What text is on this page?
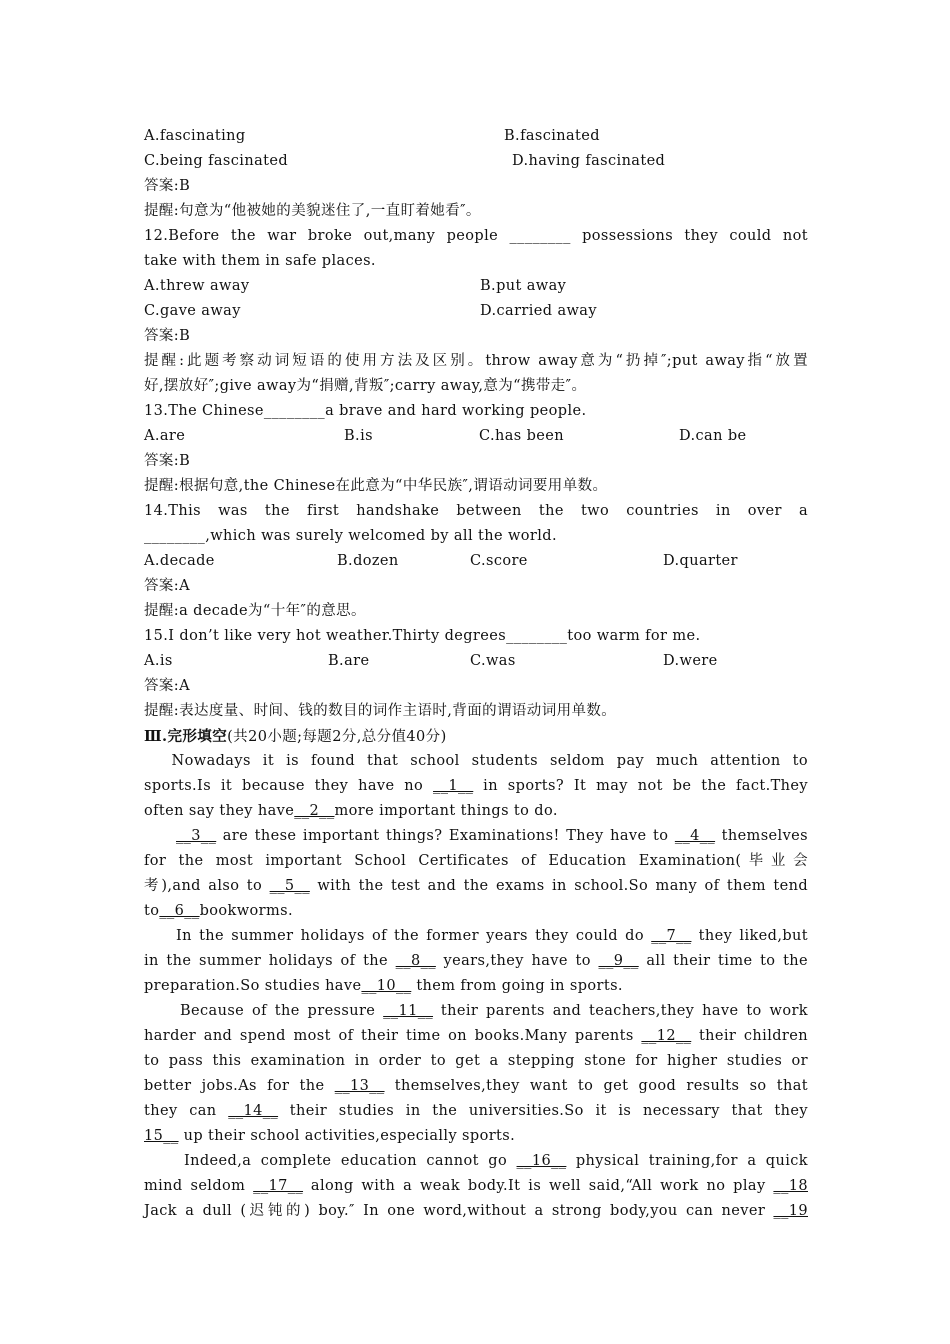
A.fascinating	B.fascinated
C.being fascinated	D.having fascinated
答案:B
提醒:句意为“他被她的美貌迷住了,一直盯着她看″。
12.Before the war broke out,many people ________ possessions they could not
take with them in safe places.
A.threw away	B.put away
C.gave away	D.carried away
答案:B
提醒:此题考察动词短语的使用方法及区别。throw away意为“扔掉″;put away指“放置
好,摆放好″;give away为“捐赠,背叛″;carry away,意为“携带走″。
13.The Chinese________a brave and hard working people.
A.are	B.is	C.has been	D.can be
答案:B
提醒:根据句意,the Chinese在此意为“中华民族″,谓语动词要用单数。
14.This was the first handshake between the two countries in over a
________,which was surely welcomed by all the world.
A.decade	B.dozen	C.score	D.quarter
答案:A
提醒:a decade为“十年″的意思。
15.I don’t like very hot weather.Thirty degrees________too warm for me.
A.is	B.are	C.was	D.were
答案:A
提醒:表达度量、时间、钱的数目的词作主语时,背面的谓语动词用单数。
Ⅲ.完形填空(共20小题;每题2分,总分值40分)
Nowadays it is found that school students seldom pay much attention to
sports.Is it because they have no __1__ in sports? It may not be the fact.They
often say they have__2__more important things to do.
__3__ are these important things? Examinations! They have to __4__ themselves
for the most important School Certificates of Education Examination(毕业会
考),and also to __5__ with the test and the exams in school.So many of them tend
to__6__bookworms.
In the summer holidays of the former years they could do __7__ they liked,but
in the summer holidays of the __8__ years,they have to __9__ all their time to the
preparation.So studies have__10__ them from going in sports.
Because of the pressure __11__ their parents and teachers,they have to work
harder and spend most of their time on books.Many parents __12__ their children
to pass this examination in order to get a stepping stone for higher studies or
better jobs.As for the __13__ themselves,they want to get good results so that
they can __14__ their studies in the universities.So it is necessary that they
15__ up their school activities,especially sports.
Indeed,a complete education cannot go __16__ physical training,for a quick
mind seldom __17__ along with a weak body.It is well said,“All work no play __18
Jack a dull (迟钝的) boy.″ In one word,without a strong body,you can never __19
